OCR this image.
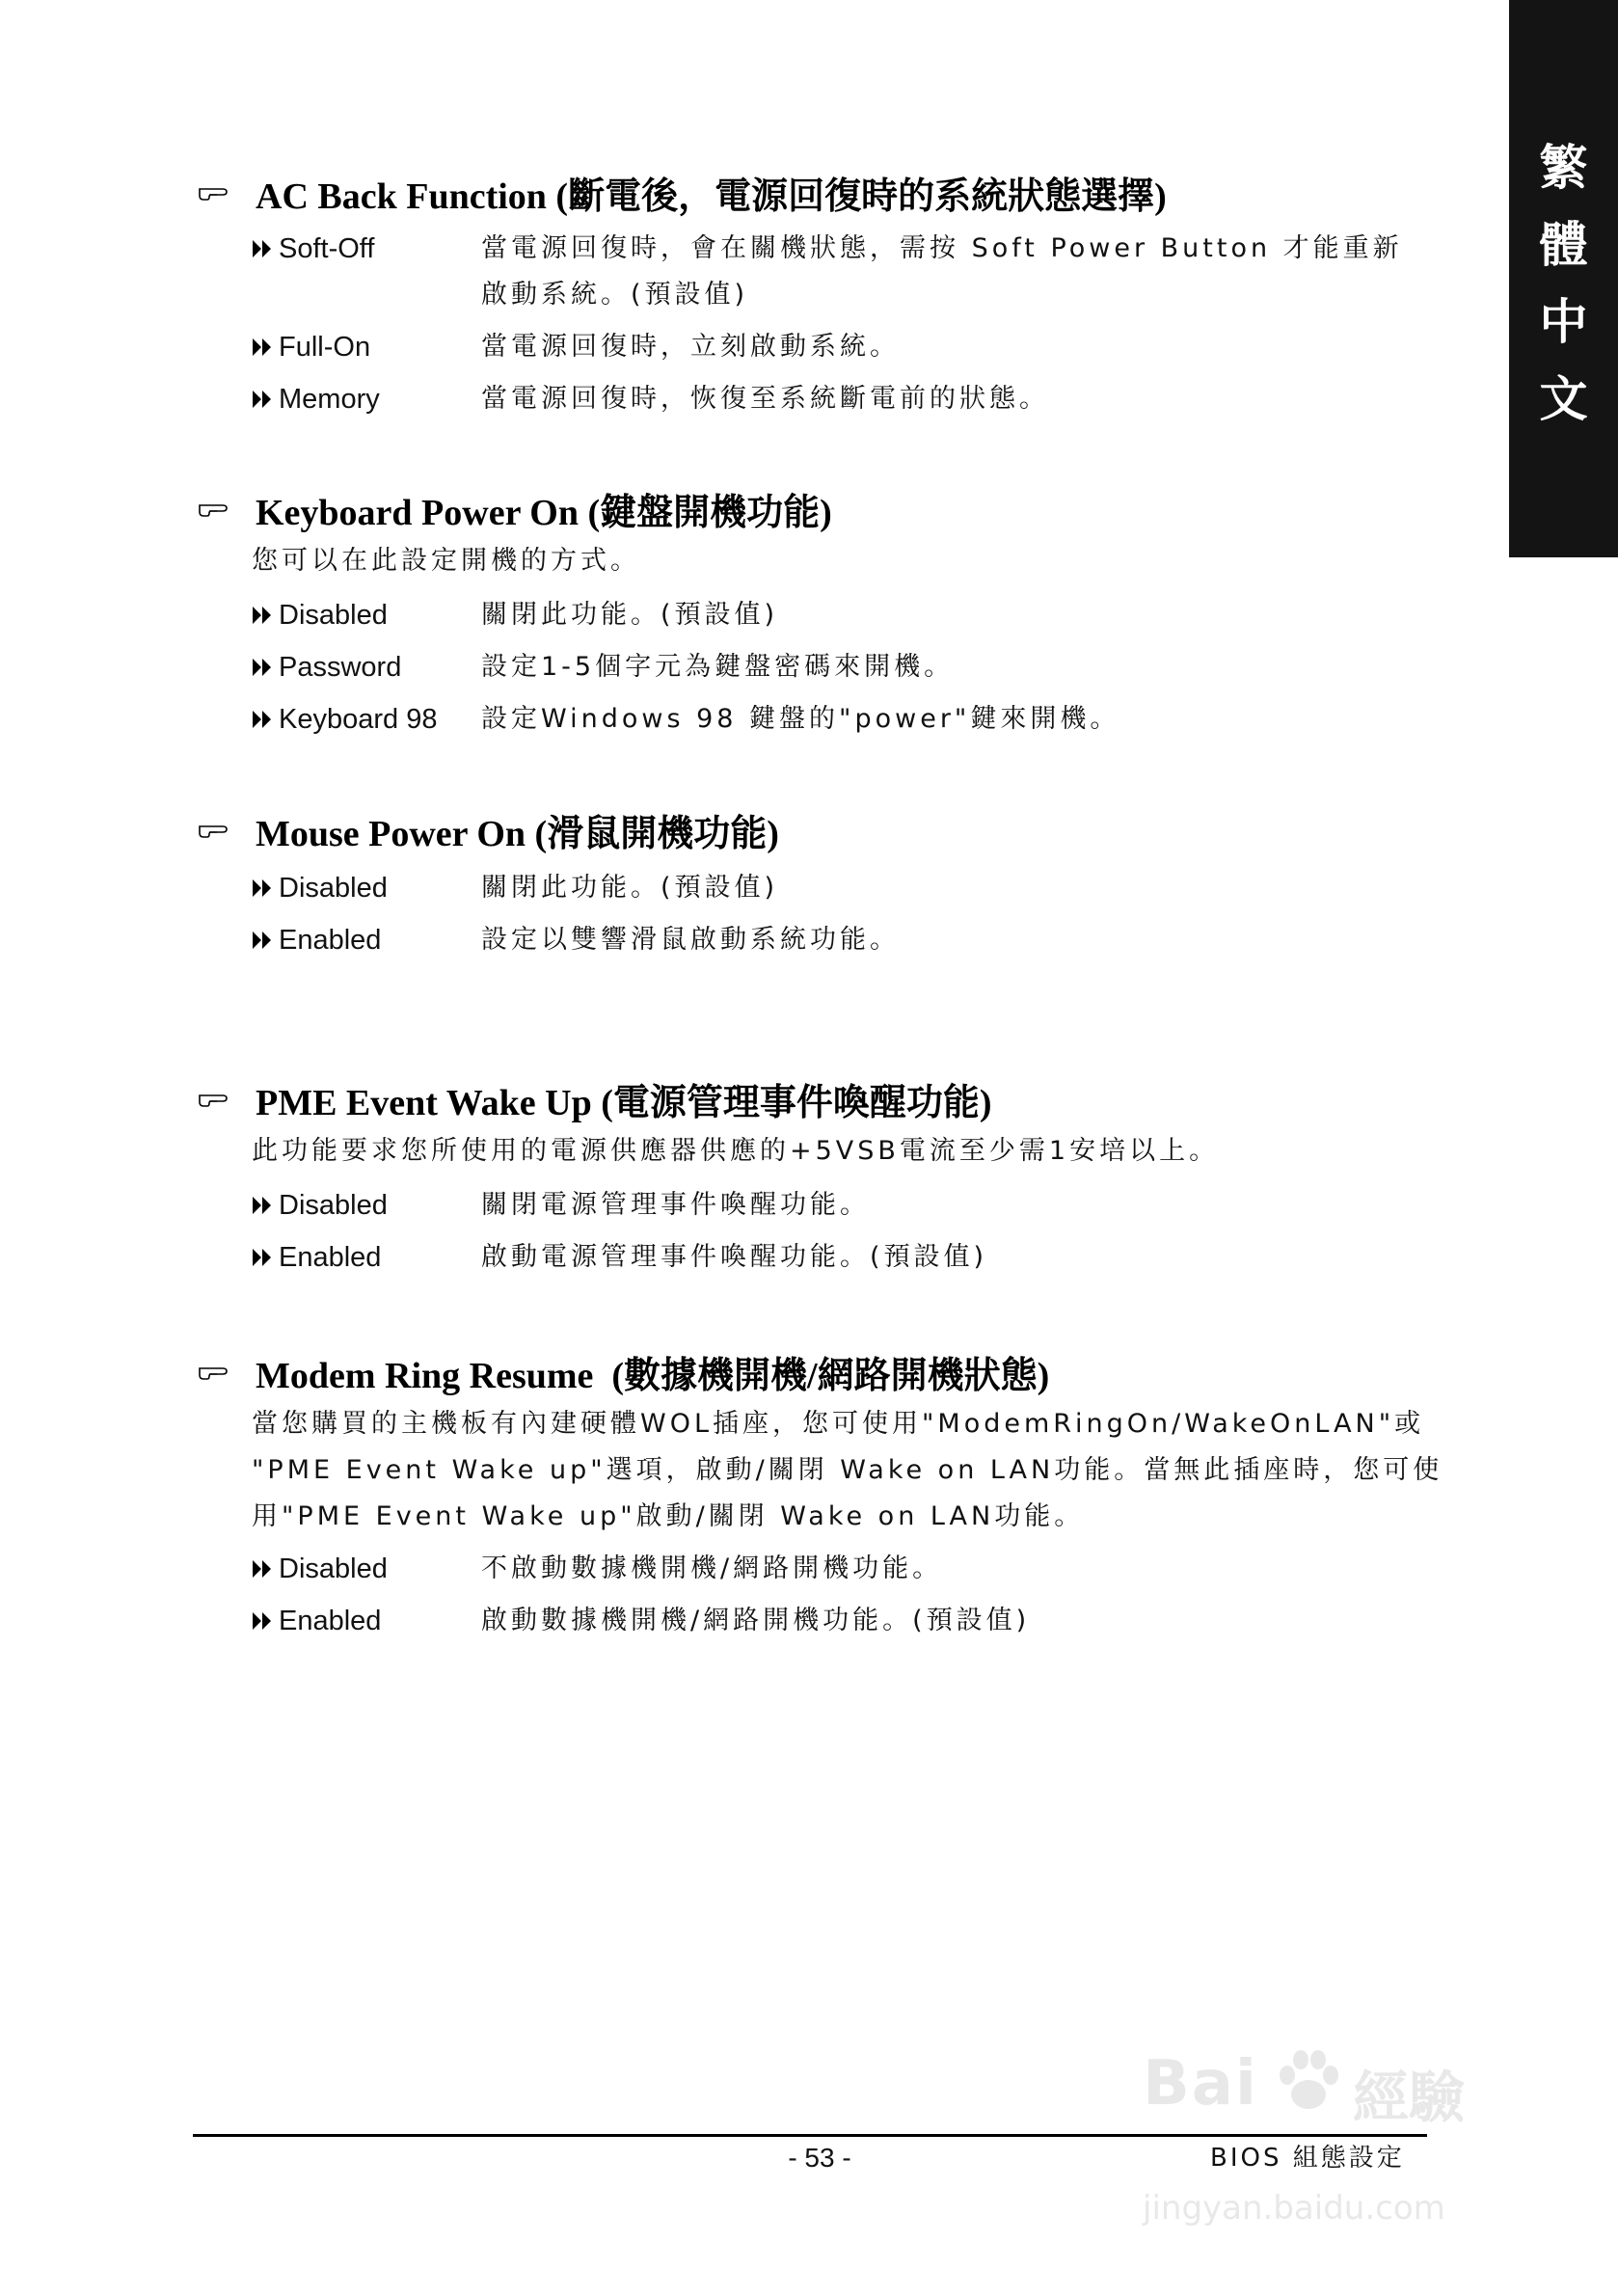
繁
體
中
文
AC Back Function (斷電後，電源回復時的系統狀態選擇)
Soft-Off	當電源回復時，會在關機狀態，需按 Soft Power Button 才能重新
啟動系統。(預設值)
Full-On	當電源回復時，立刻啟動系統。
Memory	當電源回復時，恢復至系統斷電前的狀態。
Keyboard Power On (鍵盤開機功能)
您可以在此設定開機的方式。
Disabled	關閉此功能。(預設值)
Password	設定1-5個字元為鍵盤密碼來開機。
Keyboard 98	設定Windows 98 鍵盤的"power"鍵來開機。
Mouse Power On (滑鼠開機功能)
Disabled	關閉此功能。(預設值)
Enabled	設定以雙響滑鼠啟動系統功能。
PME Event Wake Up (電源管理事件喚醒功能)
此功能要求您所使用的電源供應器供應的+5VSB電流至少需1安培以上。
Disabled	關閉電源管理事件喚醒功能。
Enabled	啟動電源管理事件喚醒功能。(預設值)
Modem Ring Resume  (數據機開機/網路開機狀態)
當您購買的主機板有內建硬體WOL插座，您可使用"ModemRingOn/WakeOnLAN"或
"PME Event Wake up"選項，啟動/關閉 Wake on LAN功能。當無此插座時，您可使
用"PME Event Wake up"啟動/關閉 Wake on LAN功能。
Disabled	不啟動數據機開機/網路開機功能。
Enabled	啟動數據機開機/網路開機功能。(預設值)
- 53 -	BIOS 組態設定
Bai 經驗
jingyan.baidu.com
